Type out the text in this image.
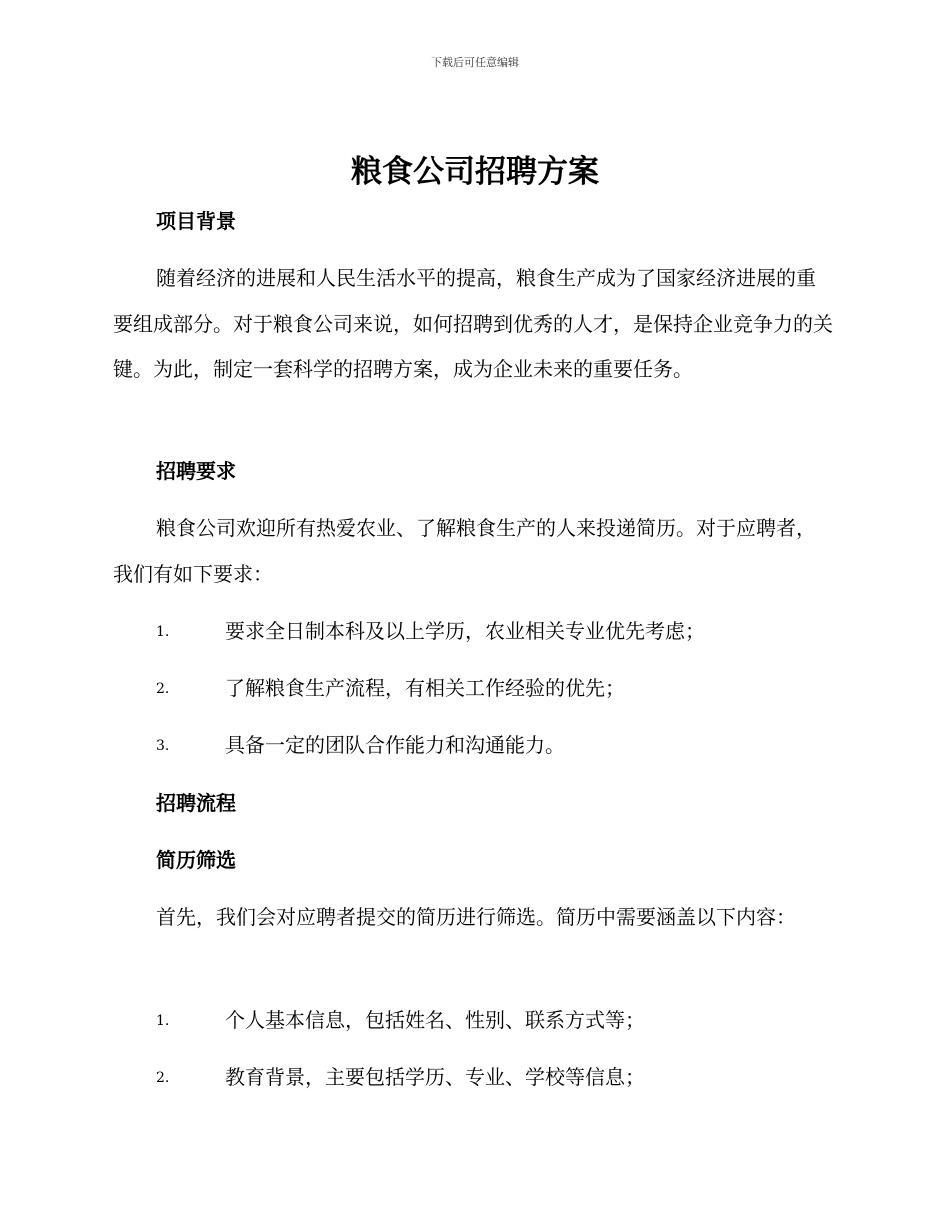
下载后可任意编辑
粮食公司招聘方案
项目背景

随着经济的进展和人民生活水平的提高，粮食生产成为了国家经济进展的重要组成部分。对于粮食公司来说，如何招聘到优秀的人才，是保持企业竞争力的关键。为此，制定一套科学的招聘方案，成为企业未来的重要任务。

招聘要求

粮食公司欢迎所有热爱农业、了解粮食生产的人来投递简历。对于应聘者，我们有如下要求：

1.	要求全日制本科及以上学历，农业相关专业优先考虑；
2.	了解粮食生产流程，有相关工作经验的优先；
3.	具备一定的团队合作能力和沟通能力。
招聘流程
简历筛选

首先，我们会对应聘者提交的简历进行筛选。简历中需要涵盖以下内容：

1.	个人基本信息，包括姓名、性别、联系方式等；
2.	教育背景，主要包括学历、专业、学校等信息；
